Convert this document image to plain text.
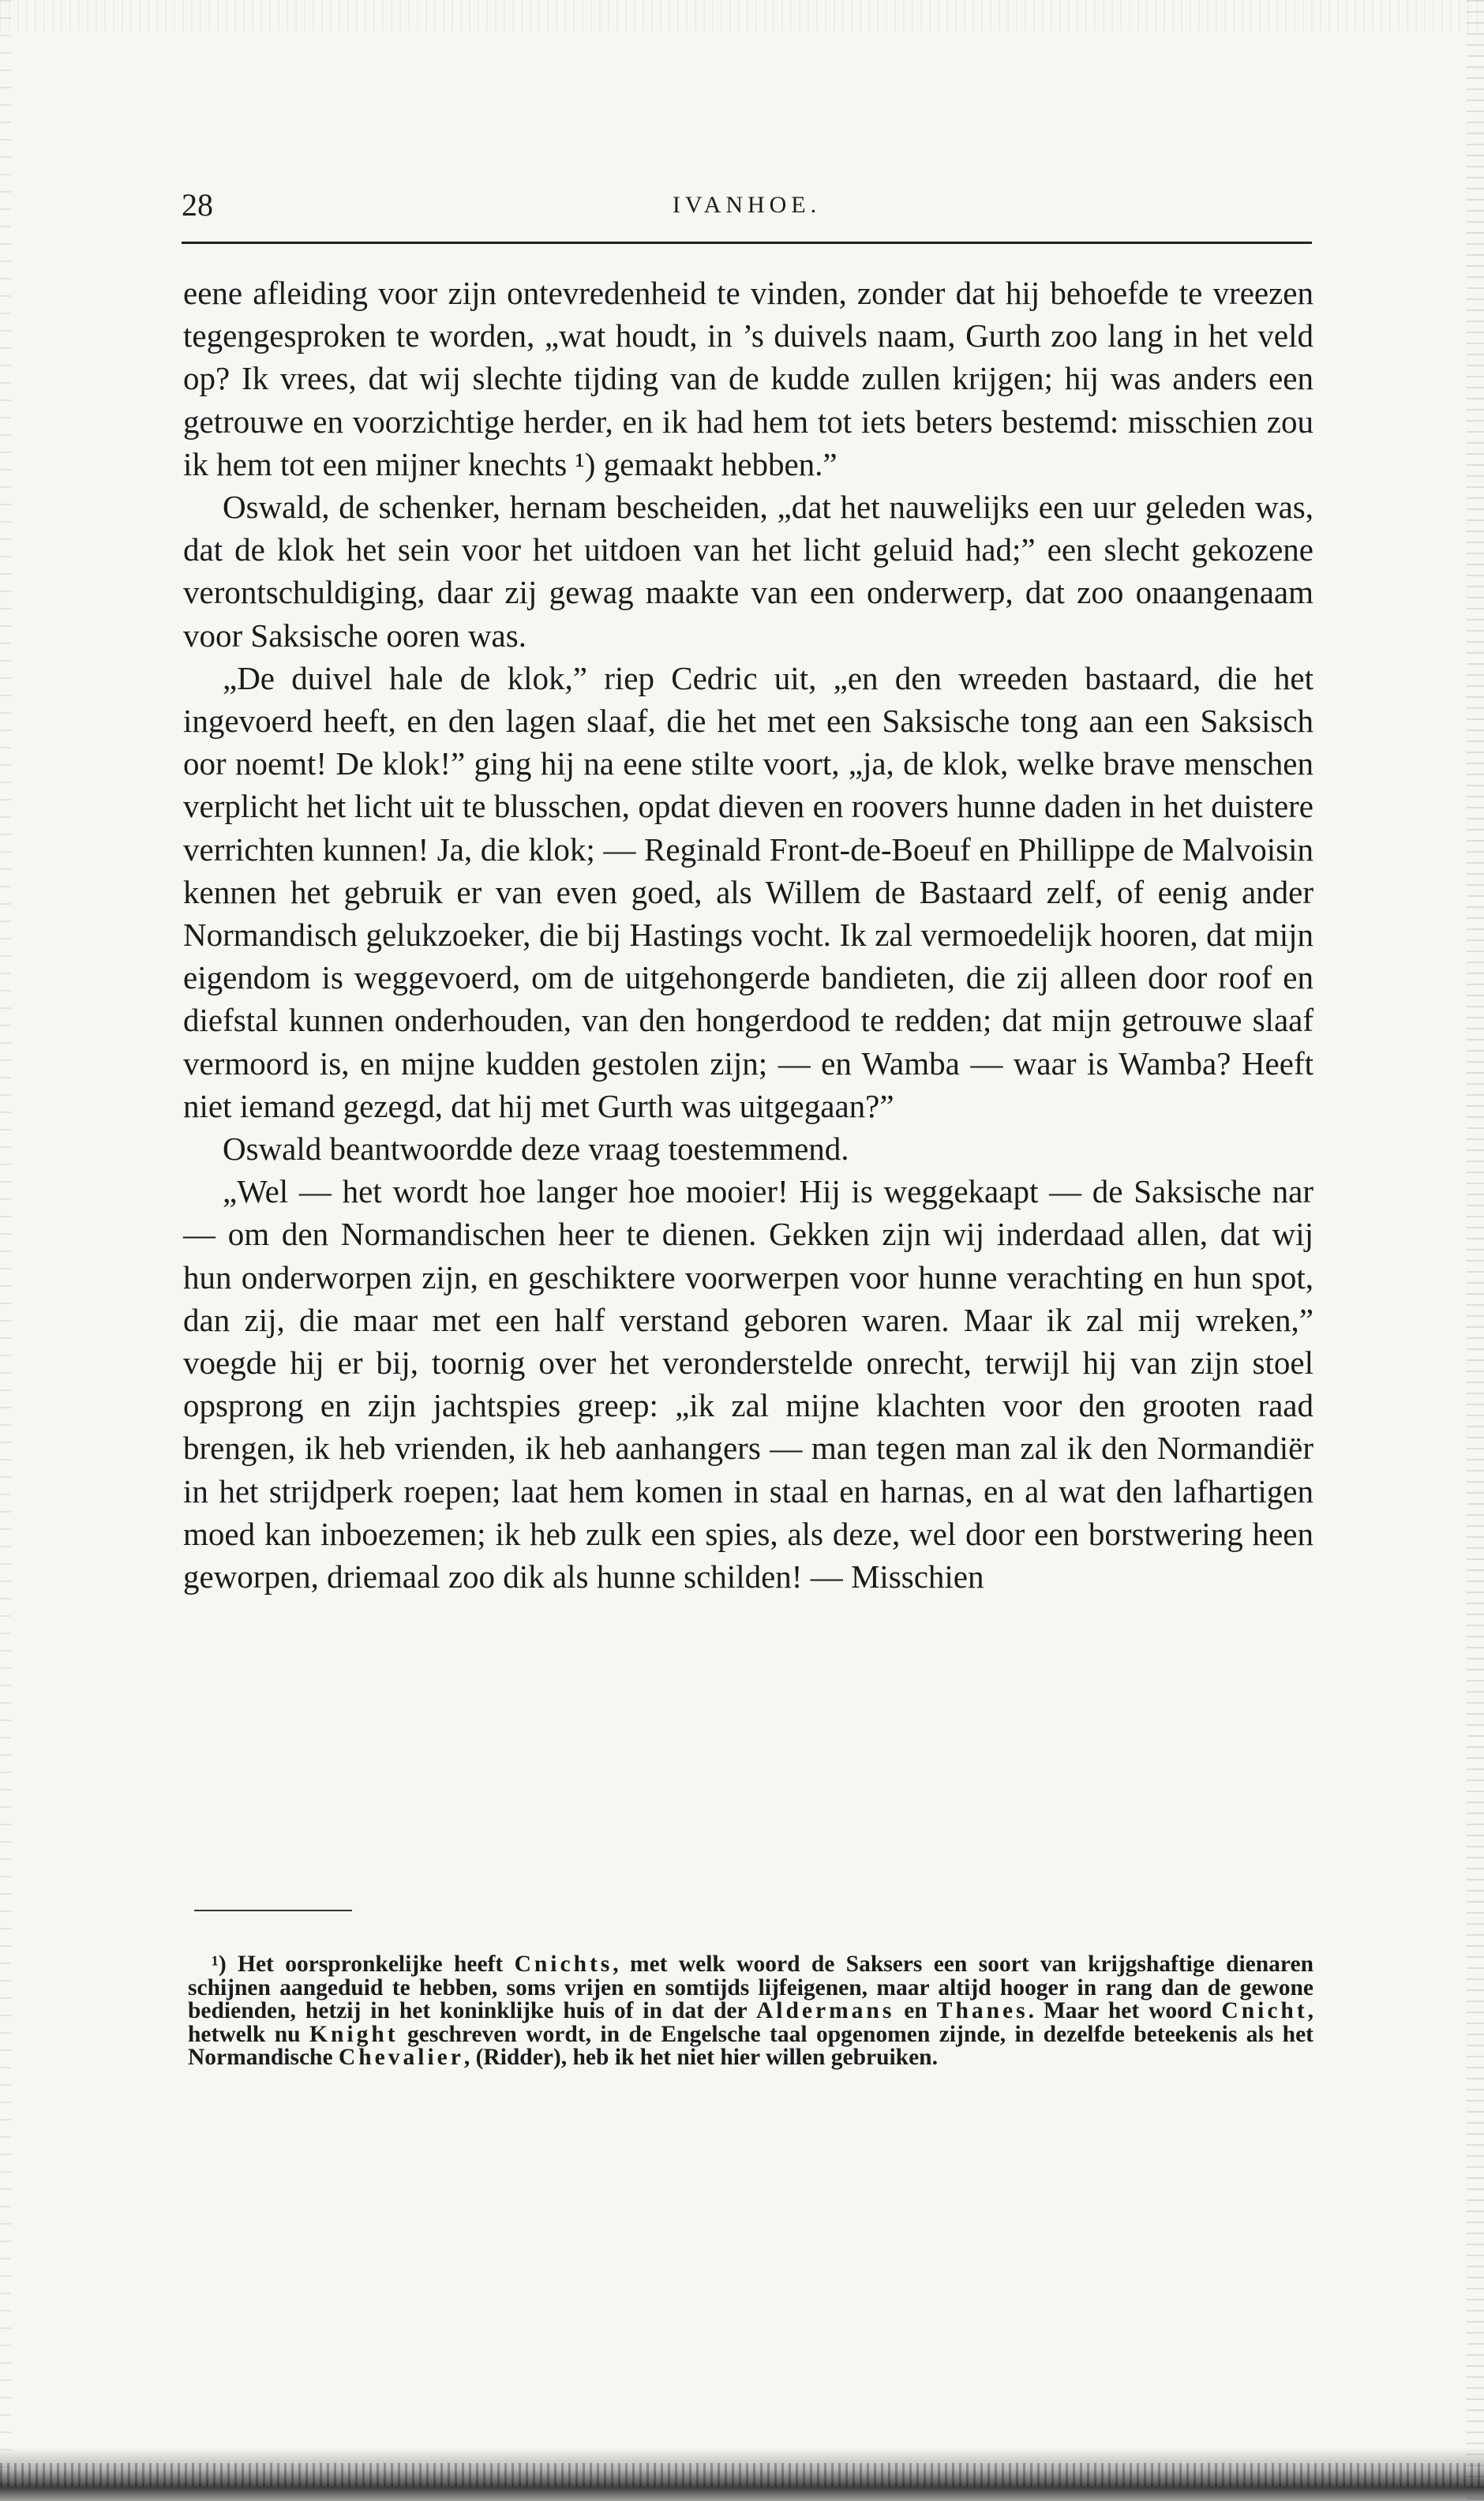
28	IVANHOE.

eene afleiding voor zijn ontevredenheid te vinden, zonder dat hij behoefde te vreezen tegengesproken te worden, „wat houdt, in ’s duivels naam, Gurth zoo lang in het veld op? Ik vrees, dat wij slechte tijding van de kudde zullen krijgen; hij was anders een getrouwe en voorzichtige herder, en ik had hem tot iets beters bestemd: misschien zou ik hem tot een mijner knechts ¹) gemaakt hebben.”

Oswald, de schenker, hernam bescheiden, „dat het nauwelijks een uur geleden was, dat de klok het sein voor het uitdoen van het licht geluid had;” een slecht gekozene verontschuldiging, daar zij gewag maakte van een onderwerp, dat zoo onaangenaam voor Saksische ooren was.

„De duivel hale de klok,” riep Cedric uit, „en den wreeden bastaard, die het ingevoerd heeft, en den lagen slaaf, die het met een Saksische tong aan een Saksisch oor noemt! De klok!” ging hij na eene stilte voort, „ja, de klok, welke brave menschen verplicht het licht uit te blusschen, opdat dieven en roovers hunne daden in het duistere verrichten kunnen! Ja, die klok; — Reginald Front-de-Boeuf en Phillippe de Malvoisin kennen het gebruik er van even goed, als Willem de Bastaard zelf, of eenig ander Normandisch gelukzoeker, die bij Hastings vocht. Ik zal vermoedelijk hooren, dat mijn eigendom is weggevoerd, om de uitgehongerde bandieten, die zij alleen door roof en diefstal kunnen onderhouden, van den hongerdood te redden; dat mijn getrouwe slaaf vermoord is, en mijne kudden gestolen zijn; — en Wamba — waar is Wamba? Heeft niet iemand gezegd, dat hij met Gurth was uitgegaan?”

Oswald beantwoordde deze vraag toestemmend.

„Wel — het wordt hoe langer hoe mooier! Hij is weggekaapt — de Saksische nar — om den Normandischen heer te dienen. Gekken zijn wij inderdaad allen, dat wij hun onderworpen zijn, en geschiktere voorwerpen voor hunne verachting en hun spot, dan zij, die maar met een half verstand geboren waren. Maar ik zal mij wreken,” voegde hij er bij, toornig over het veronderstelde onrecht, terwijl hij van zijn stoel opsprong en zijn jachtspies greep: „ik zal mijne klachten voor den grooten raad brengen, ik heb vrienden, ik heb aanhangers — man tegen man zal ik den Normandiër in het strijdperk roepen; laat hem komen in staal en harnas, en al wat den lafhartigen moed kan inboezemen; ik heb zulk een spies, als deze, wel door een borstwering heen geworpen, driemaal zoo dik als hunne schilden! — Misschien

¹) Het oorspronkelijke heeft Cnichts, met welk woord de Saksers een soort van krijgshaftige dienaren schijnen aangeduid te hebben, soms vrijen en somtijds lijfeigenen, maar altijd hooger in rang dan de gewone bedienden, hetzij in het koninklijke huis of in dat der Aldermans en Thanes. Maar het woord Cnicht, hetwelk nu Knight geschreven wordt, in de Engelsche taal opgenomen zijnde, in dezelfde beteekenis als het Normandische Chevalier, (Ridder), heb ik het niet hier willen gebruiken.
